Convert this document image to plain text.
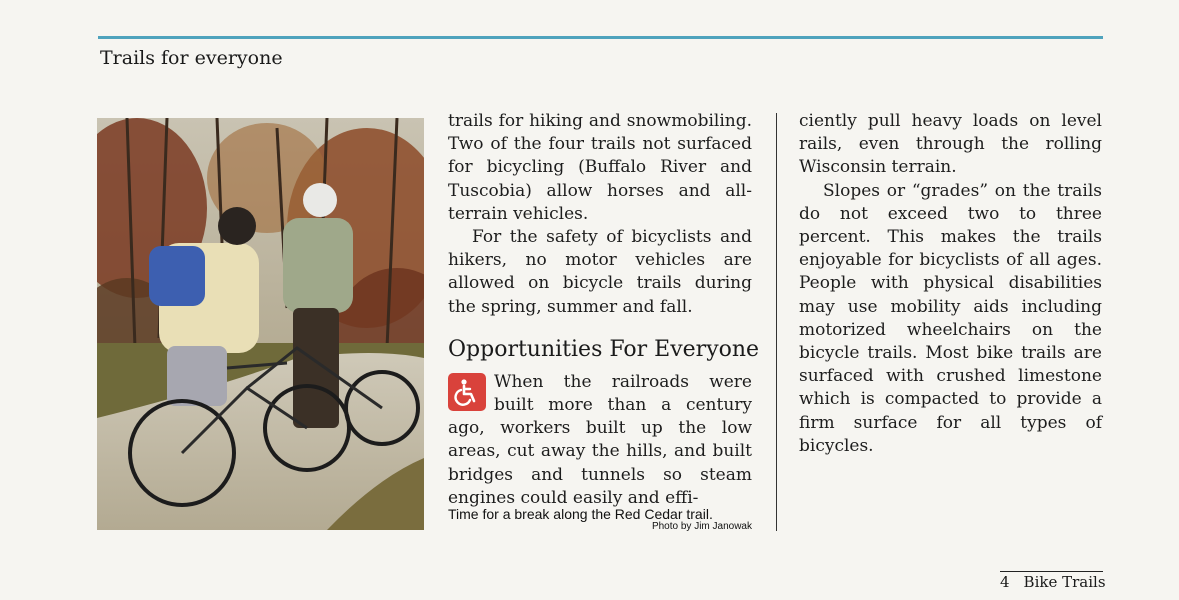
Trails for everyone

trails for hiking and snowmobiling. Two of the four trails not surfaced for bicycling (Buffalo River and Tuscobia) allow horses and all-terrain vehicles.

For the safety of bicyclists and hikers, no motor vehicles are allowed on bicycle trails during the spring, summer and fall.

Opportunities For Everyone

When the railroads were built more than a century ago, workers built up the low areas, cut away the hills, and built bridges and tunnels so steam engines could easily and effi-

ciently pull heavy loads on level rails, even through the rolling Wisconsin terrain.

Slopes or “grades” on the trails do not exceed two to three percent. This makes the trails enjoyable for bicyclists of all ages. People with physical disabilities may use mobility aids including motorized wheelchairs on the bicycle trails. Most bike trails are surfaced with crushed limestone which is compacted to provide a firm surface for all types of bicycles.

Time for a break along the Red Cedar trail.
Photo by Jim Janowak
4 Bike Trails
